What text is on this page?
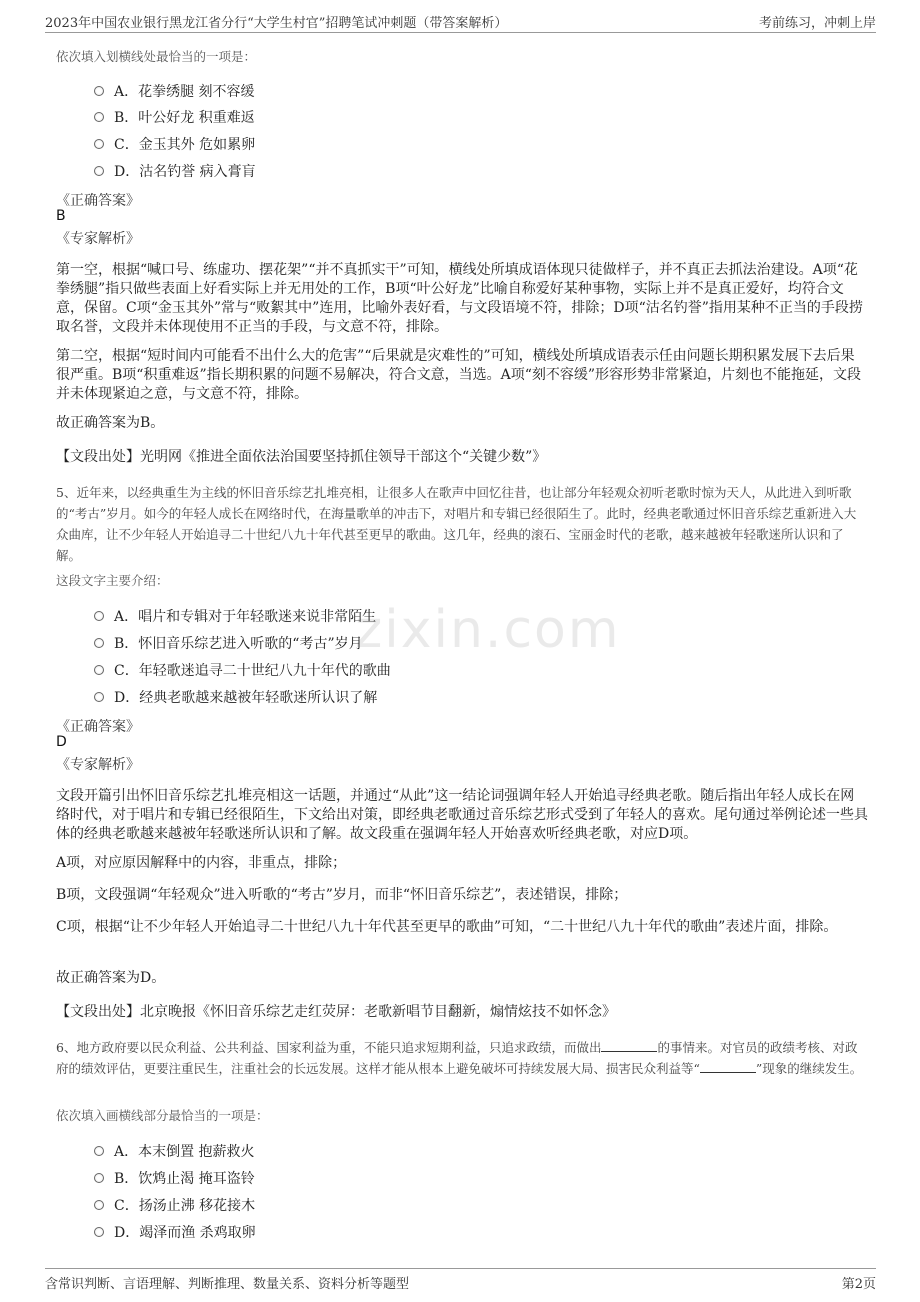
2023年中国农业银行黑龙江省分行“大学生村官”招聘笔试冲刺题（带答案解析）	考前练习，冲刺上岸
zixin.com
依次填入划横线处最恰当的一项是：
A．花拳绣腿 刻不容缓
B．叶公好龙 积重难返
C．金玉其外 危如累卵
D．沽名钓誉 病入膏肓
《正确答案》
B
《专家解析》
第一空，根据“喊口号、练虚功、摆花架”“并不真抓实干”可知，横线处所填成语体现只徒做样子，并不真正去抓法治建设。A项“花拳绣腿”指只做些表面上好看实际上并无用处的工作，B项“叶公好龙”比喻自称爱好某种事物，实际上并不是真正爱好，均符合文意，保留。C项“金玉其外”常与“败絮其中”连用，比喻外表好看，与文段语境不符，排除；D项“沽名钓誉”指用某种不正当的手段捞取名誉，文段并未体现使用不正当的手段，与文意不符，排除。
第二空，根据“短时间内可能看不出什么大的危害”“后果就是灾难性的”可知，横线处所填成语表示任由问题长期积累发展下去后果很严重。B项“积重难返”指长期积累的问题不易解决，符合文意，当选。A项“刻不容缓”形容形势非常紧迫，片刻也不能拖延，文段并未体现紧迫之意，与文意不符，排除。
故正确答案为B。
【文段出处】光明网《推进全面依法治国要坚持抓住领导干部这个“关键少数”》
5、近年来，以经典重生为主线的怀旧音乐综艺扎堆亮相，让很多人在歌声中回忆往昔，也让部分年轻观众初听老歌时惊为天人，从此进入到听歌的“考古”岁月。如今的年轻人成长在网络时代，在海量歌单的冲击下，对唱片和专辑已经很陌生了。此时，经典老歌通过怀旧音乐综艺重新进入大众曲库，让不少年轻人开始追寻二十世纪八九十年代甚至更早的歌曲。这几年，经典的滚石、宝丽金时代的老歌，越来越被年轻歌迷所认识和了解。
这段文字主要介绍：
A．唱片和专辑对于年轻歌迷来说非常陌生
B．怀旧音乐综艺进入听歌的“考古”岁月
C．年轻歌迷追寻二十世纪八九十年代的歌曲
D．经典老歌越来越被年轻歌迷所认识了解
《正确答案》
D
《专家解析》
文段开篇引出怀旧音乐综艺扎堆亮相这一话题，并通过“从此”这一结论词强调年轻人开始追寻经典老歌。随后指出年轻人成长在网络时代，对于唱片和专辑已经很陌生，下文给出对策，即经典老歌通过音乐综艺形式受到了年轻人的喜欢。尾句通过举例论述一些具体的经典老歌越来越被年轻歌迷所认识和了解。故文段重在强调年轻人开始喜欢听经典老歌，对应D项。
A项，对应原因解释中的内容，非重点，排除；
B项，文段强调“年轻观众”进入听歌的“考古”岁月，而非“怀旧音乐综艺”，表述错误，排除；
C项，根据“让不少年轻人开始追寻二十世纪八九十年代甚至更早的歌曲”可知，“二十世纪八九十年代的歌曲”表述片面，排除。
故正确答案为D。
【文段出处】北京晚报《怀旧音乐综艺走红荧屏：老歌新唱节目翻新，煽情炫技不如怀念》
6、地方政府要以民众利益、公共利益、国家利益为重，不能只追求短期利益，只追求政绩，而做出	的事情来。对官员的政绩考核、对政府的绩效评估，更要注重民生，注重社会的长远发展。这样才能从根本上避免破坏可持续发展大局、损害民众利益等“	”现象的继续发生。
依次填入画横线部分最恰当的一项是：
A．本末倒置 抱薪救火
B．饮鸩止渴 掩耳盗铃
C．扬汤止沸 移花接木
D．竭泽而渔 杀鸡取卵
含常识判断、言语理解、判断推理、数量关系、资料分析等题型	第2页
